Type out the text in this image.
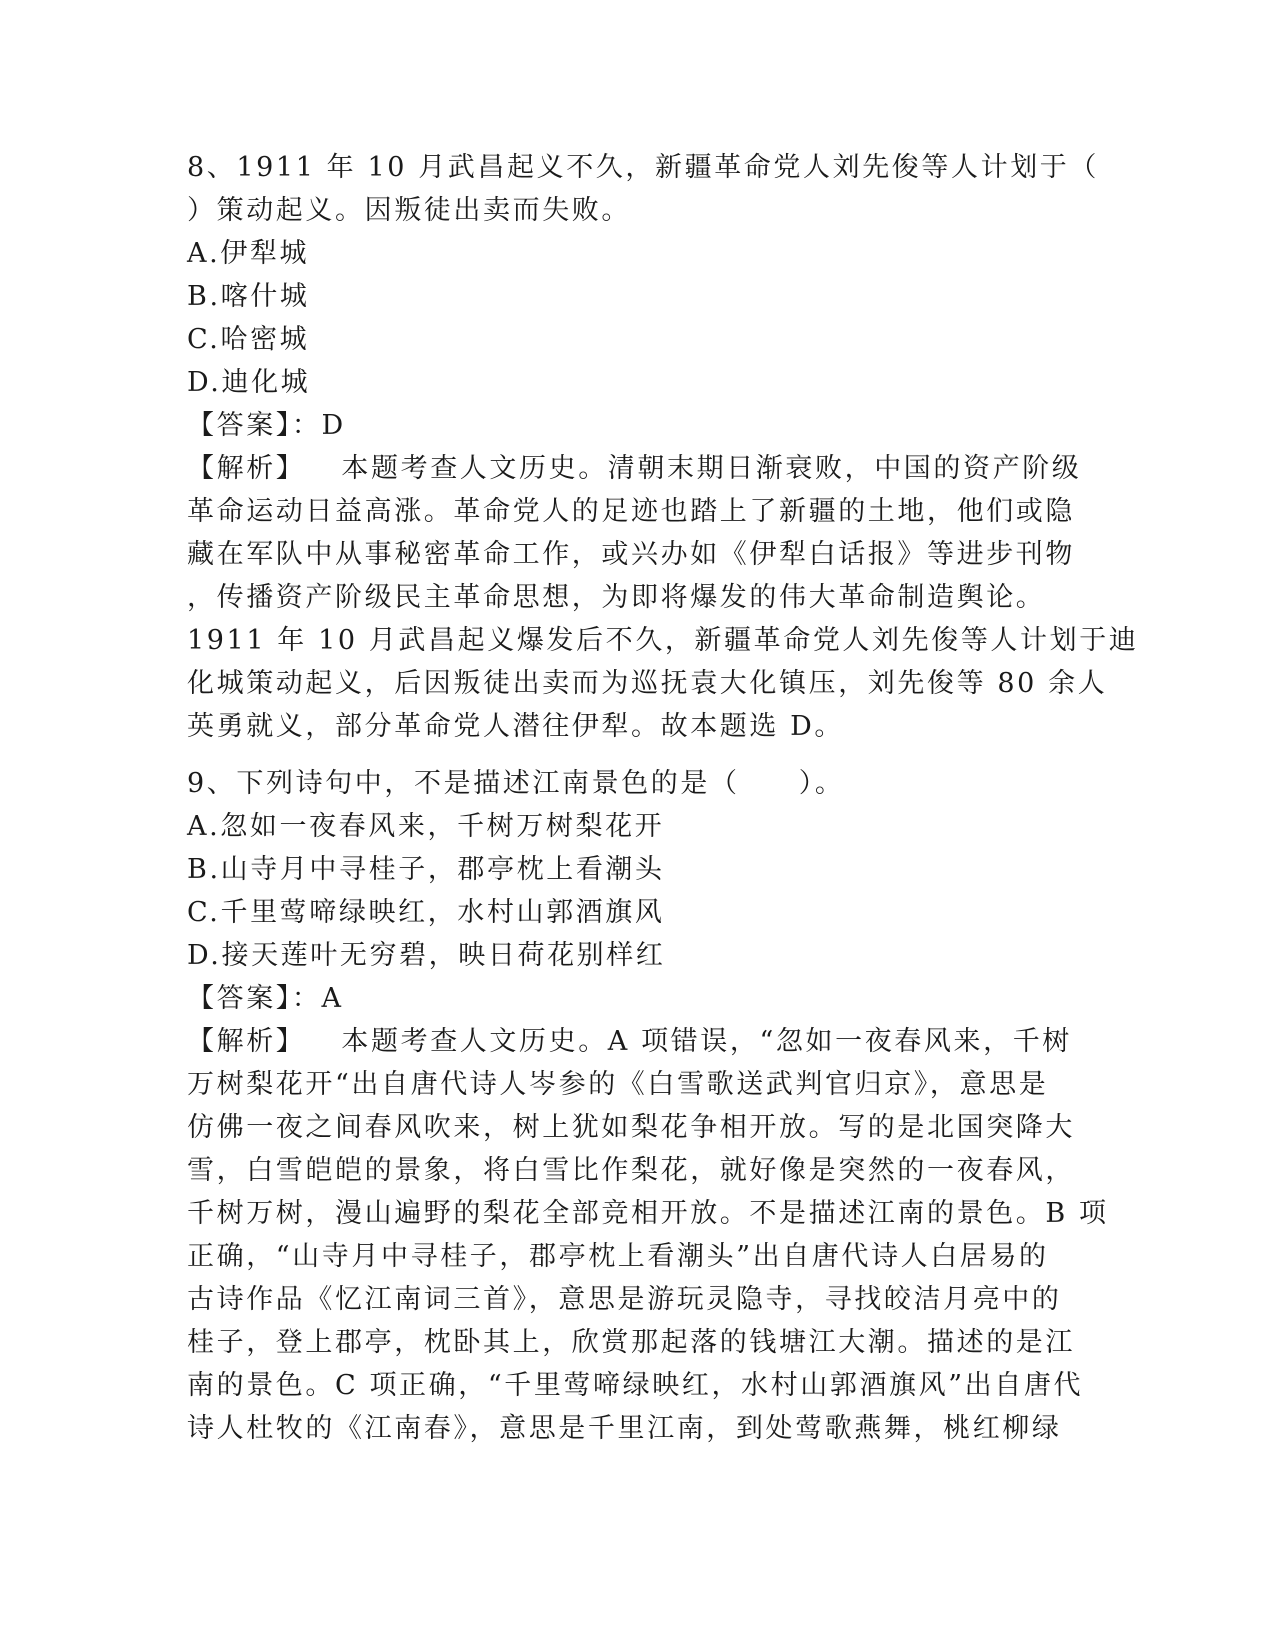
8、1911 年 10 月武昌起义不久，新疆革命党人刘先俊等人计划于（
）策动起义。因叛徒出卖而失败。
A.伊犁城
B.喀什城
C.哈密城
D.迪化城
【答案】：D
【解析】 本题考查人文历史。清朝末期日渐衰败，中国的资产阶级
革命运动日益高涨。革命党人的足迹也踏上了新疆的土地，他们或隐
藏在军队中从事秘密革命工作，或兴办如《伊犁白话报》等进步刊物
，传播资产阶级民主革命思想，为即将爆发的伟大革命制造舆论。
1911 年 10 月武昌起义爆发后不久，新疆革命党人刘先俊等人计划于迪
化城策动起义，后因叛徒出卖而为巡抚袁大化镇压，刘先俊等 80 余人
英勇就义，部分革命党人潜往伊犁。故本题选 D。
9、下列诗句中，不是描述江南景色的是（　　）。
A.忽如一夜春风来，千树万树梨花开
B.山寺月中寻桂子，郡亭枕上看潮头
C.千里莺啼绿映红，水村山郭酒旗风
D.接天莲叶无穷碧，映日荷花别样红
【答案】：A
【解析】 本题考查人文历史。A 项错误，“忽如一夜春风来，千树
万树梨花开“出自唐代诗人岑参的《白雪歌送武判官归京》，意思是
仿佛一夜之间春风吹来，树上犹如梨花争相开放。写的是北国突降大
雪，白雪皑皑的景象，将白雪比作梨花，就好像是突然的一夜春风，
千树万树，漫山遍野的梨花全部竞相开放。不是描述江南的景色。B 项
正确，“山寺月中寻桂子，郡亭枕上看潮头”出自唐代诗人白居易的
古诗作品《忆江南词三首》，意思是游玩灵隐寺，寻找皎洁月亮中的
桂子，登上郡亭，枕卧其上，欣赏那起落的钱塘江大潮。描述的是江
南的景色。C 项正确，“千里莺啼绿映红，水村山郭酒旗风”出自唐代
诗人杜牧的《江南春》，意思是千里江南，到处莺歌燕舞，桃红柳绿
